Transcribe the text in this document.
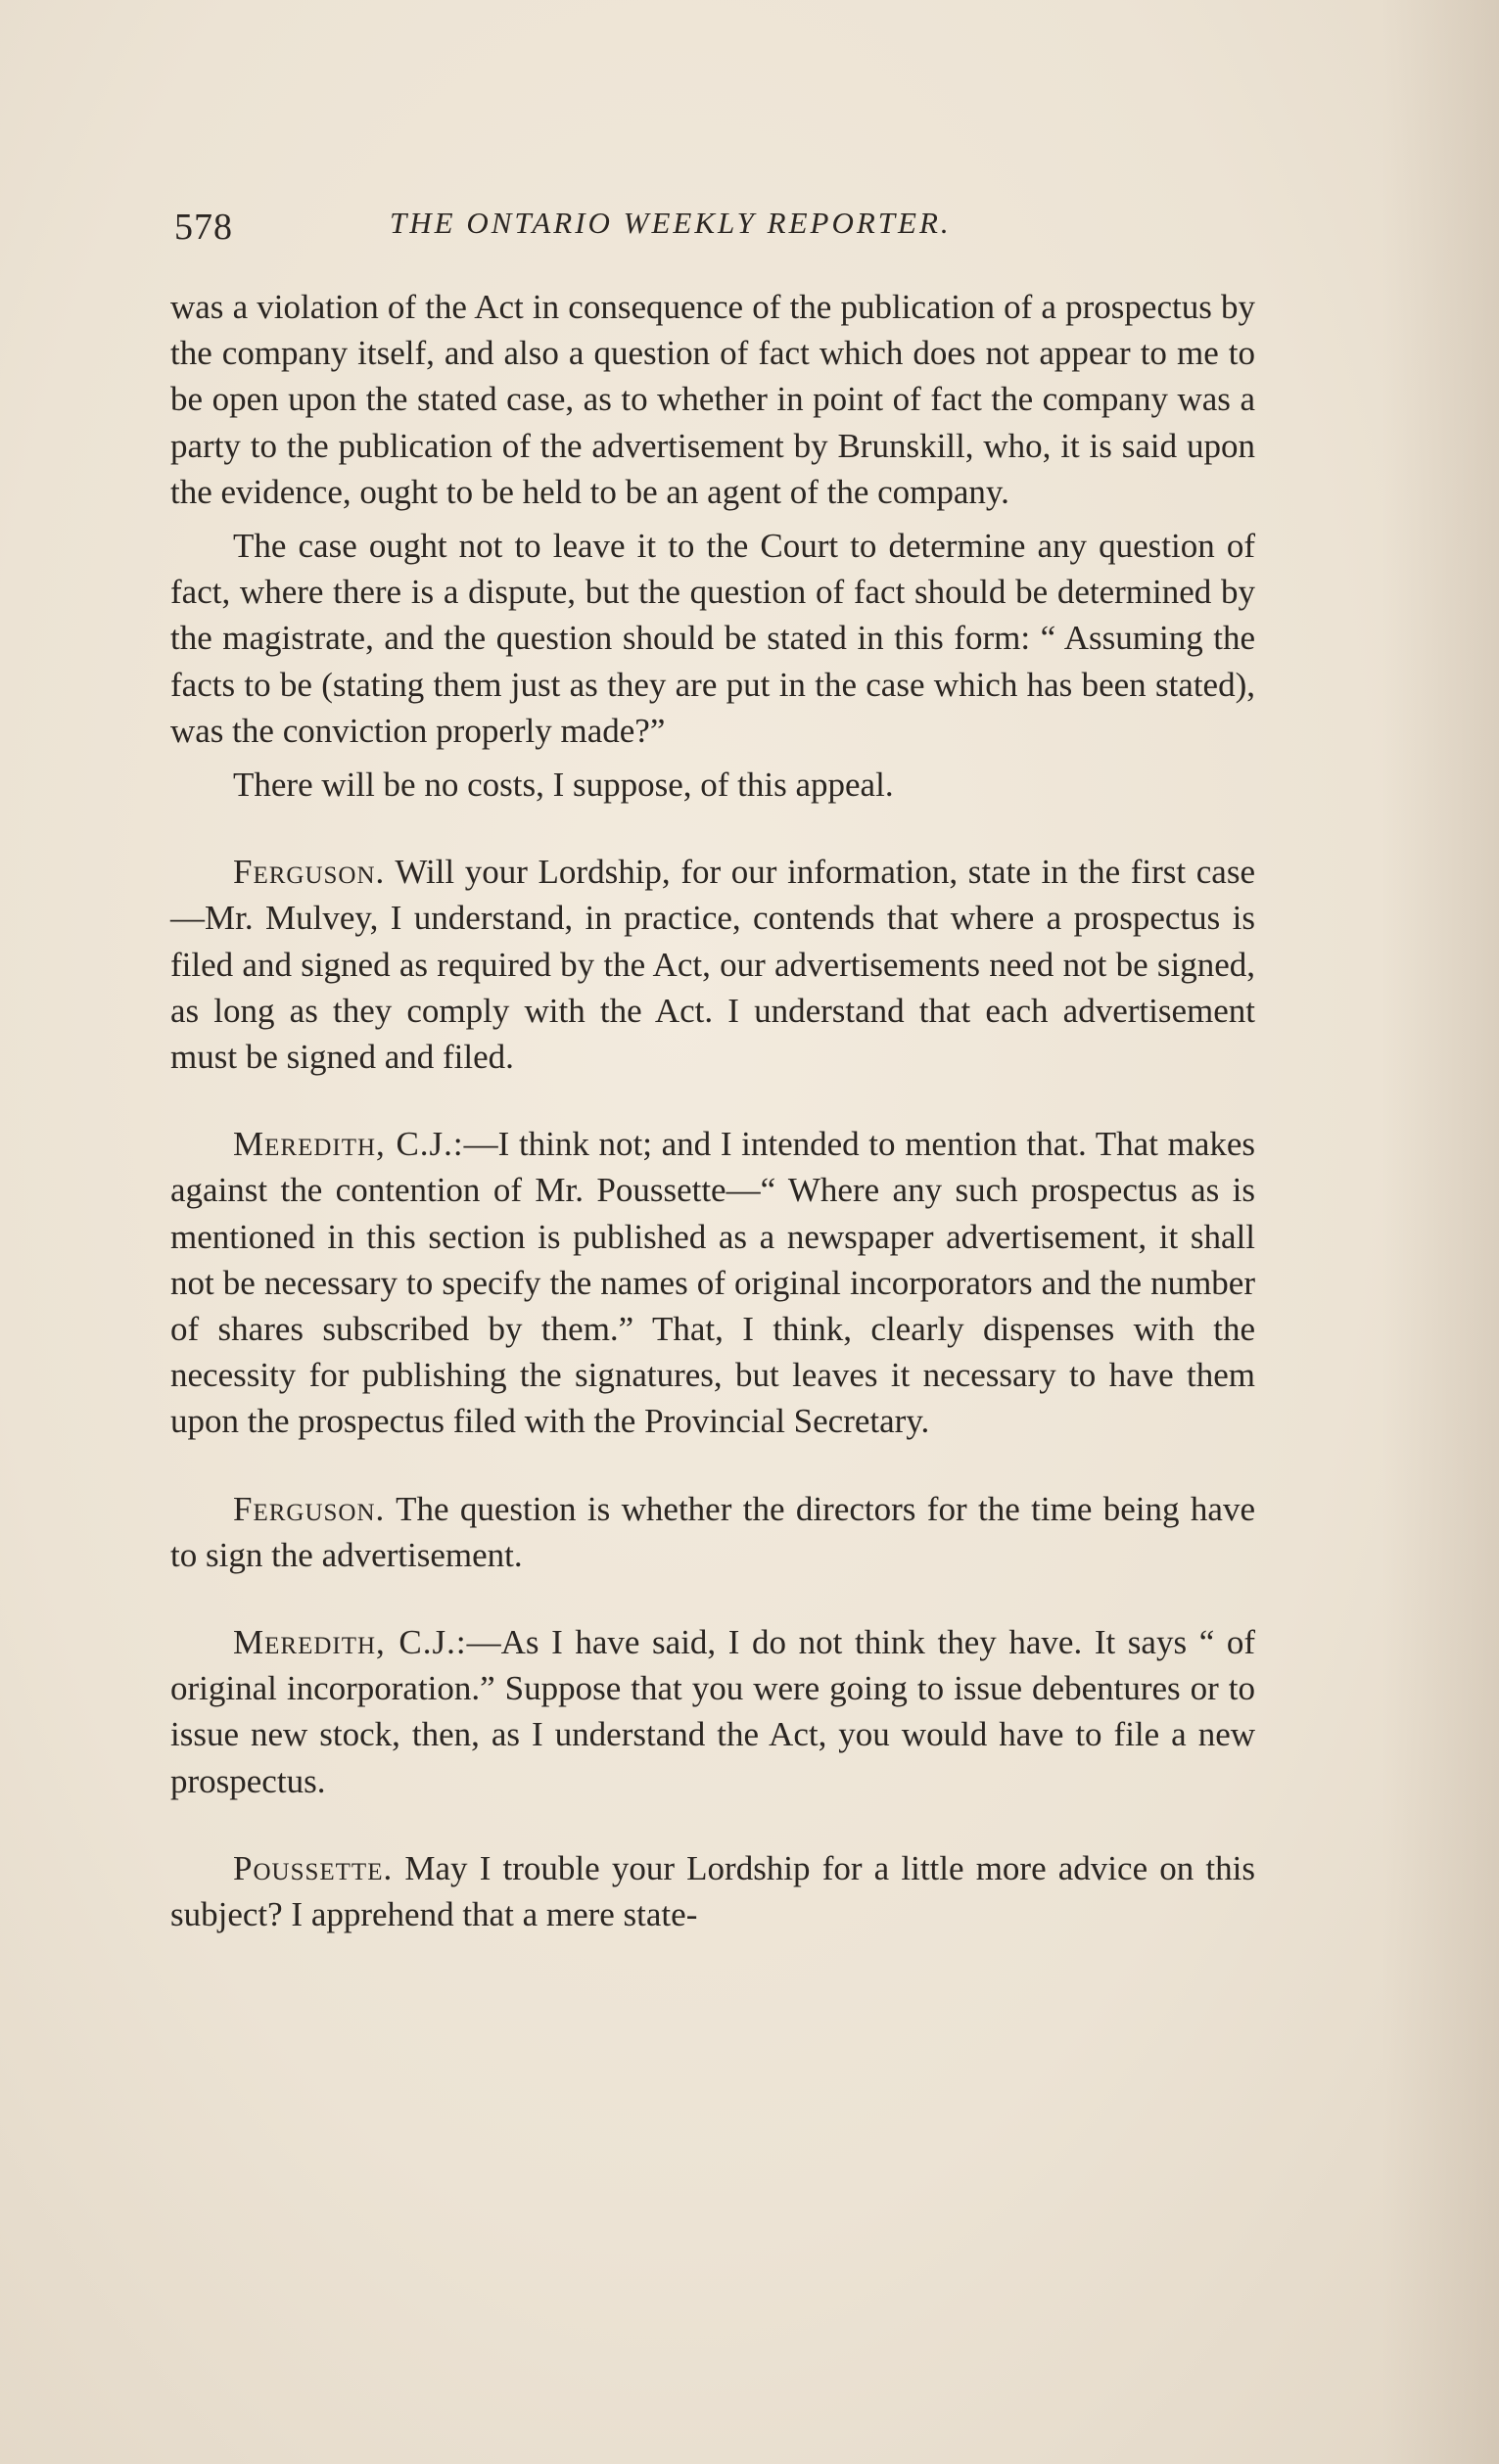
578	THE ONTARIO WEEKLY REPORTER.

was a violation of the Act in consequence of the publication of a prospectus by the company itself, and also a question of fact which does not appear to me to be open upon the stated case, as to whether in point of fact the company was a party to the publication of the advertisement by Brunskill, who, it is said upon the evidence, ought to be held to be an agent of the company.

The case ought not to leave it to the Court to determine any question of fact, where there is a dispute, but the question of fact should be determined by the magistrate, and the question should be stated in this form: “ Assuming the facts to be (stating them just as they are put in the case which has been stated), was the conviction properly made?”

There will be no costs, I suppose, of this appeal.

Ferguson. Will your Lordship, for our information, state in the first case—Mr. Mulvey, I understand, in practice, contends that where a prospectus is filed and signed as required by the Act, our advertisements need not be signed, as long as they comply with the Act. I understand that each advertisement must be signed and filed.

Meredith, C.J.:—I think not; and I intended to mention that. That makes against the contention of Mr. Poussette—“ Where any such prospectus as is mentioned in this section is published as a newspaper advertisement, it shall not be necessary to specify the names of original incorporators and the number of shares subscribed by them.” That, I think, clearly dispenses with the necessity for publishing the signatures, but leaves it necessary to have them upon the prospectus filed with the Provincial Secretary.

Ferguson. The question is whether the directors for the time being have to sign the advertisement.

Meredith, C.J.:—As I have said, I do not think they have. It says “ of original incorporation.” Suppose that you were going to issue debentures or to issue new stock, then, as I understand the Act, you would have to file a new prospectus.

Poussette. May I trouble your Lordship for a little more advice on this subject? I apprehend that a mere state-
